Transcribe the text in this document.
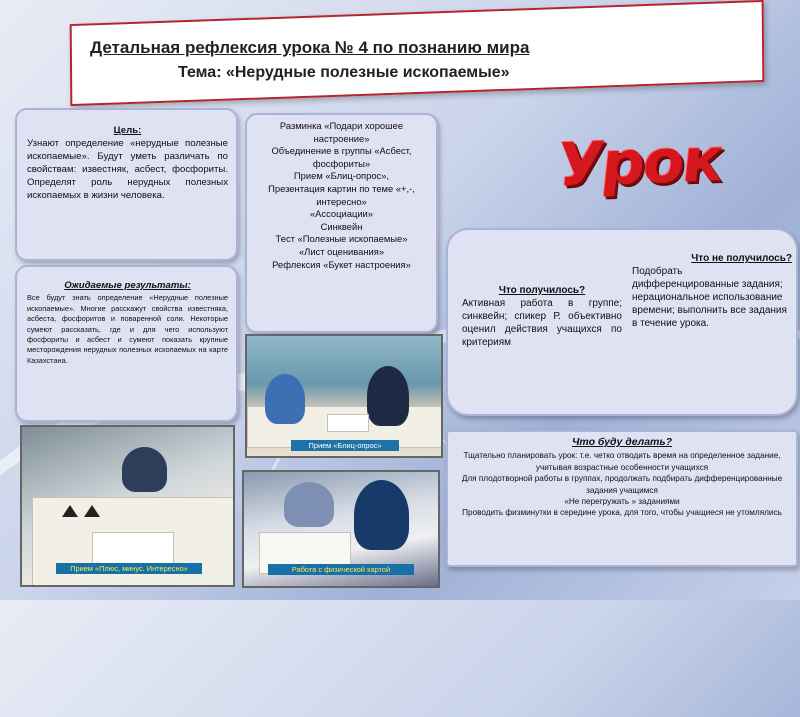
Детальная рефлексия урока № 4 по познанию мира
Тема: «Нерудные полезные ископаемые»
Цель:
Узнают определение «нерудные полезные ископаемые». Будут уметь различать по свойствам: известняк, асбест, фосфориты. Определят роль нерудных полезных ископаемых в жизни человека.
Ожидаемые результаты:
Все будут знать определение «Нерудные полезные ископаемые». Многие расскажут свойства известняка, асбеста, фосфоритов и поваренной соли. Некоторые сумеют рассказать, где и для чего используют фосфориты и асбест и сумеют показать крупные месторождения нерудных полезных ископаемых на карте Казахстана.
Разминка «Подари хорошее настроение»
Объединение в группы «Асбест, фосфориты»
Прием «Блиц-опрос»,
Презентация картин по теме «+,-, интересно»
«Ассоциации»
Синквейн
Тест «Полезные ископаемые»
«Лист оценивания»
Рефлексия «Букет настроения»
Урок
Что получилось?
Активная работа в группе; синквейн; спикер Р. объективно оценил действия учащихся по критериям
Что не получилось?
Подобрать дифференцированные задания; нерациональное использование времени; выполнить все задания в течение урока.
Что буду делать?
Тщательно планировать урок: т.е. четко отводить время на определенное задание, учитывая возрастные особенности учащихся
Для плодотворной работы в группах, продолжать подбирать дифференцированные задания учащимся
«Не перегружать » заданиями
Проводить физминутки в середине урока, для того, чтобы учащиеся не утомлялись
Прием «Блиц-опрос»
Прием «Плюс, минус. Интересно»	Работа с физической картой
